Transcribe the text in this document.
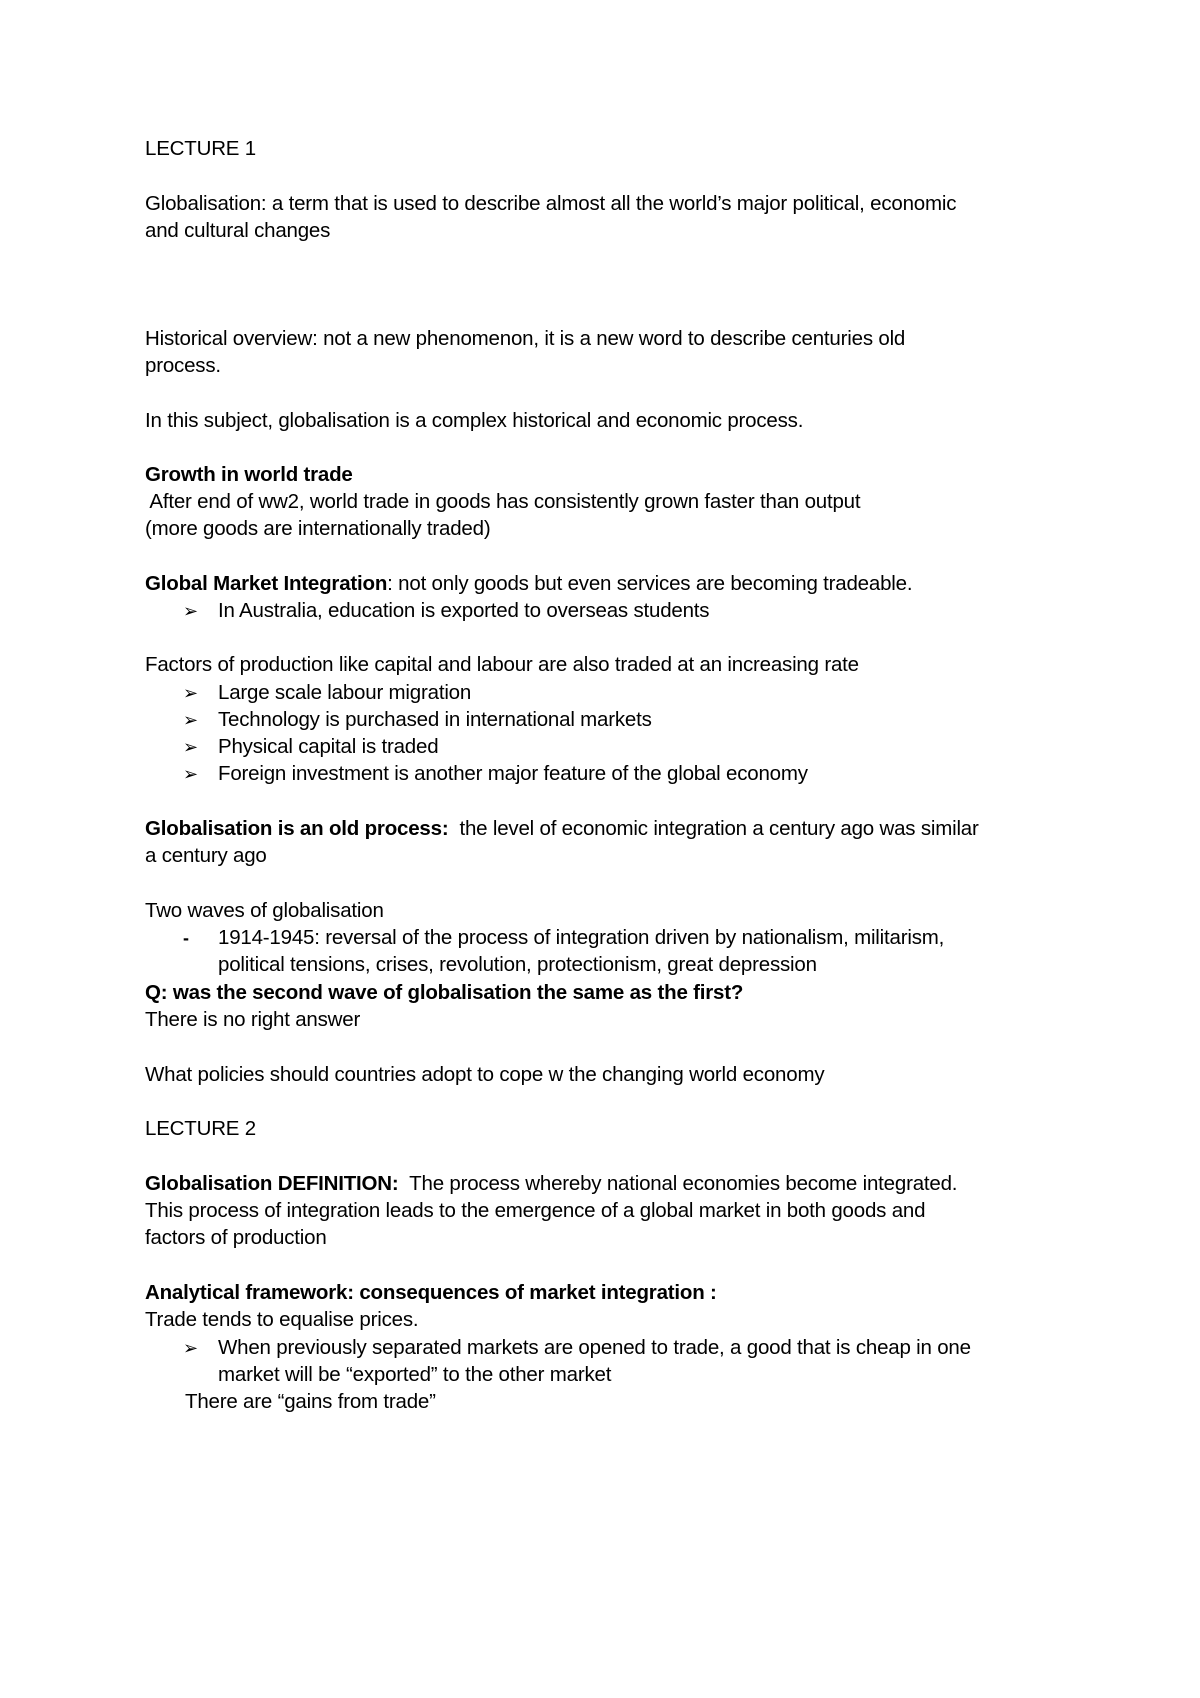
LECTURE 1
Globalisation: a term that is used to describe almost all the world’s major political, economic
and cultural changes
Historical overview: not a new phenomenon, it is a new word to describe centuries old
process.
In this subject, globalisation is a complex historical and economic process.
Growth in world trade
After end of ww2, world trade in goods has consistently grown faster than output
(more goods are internationally traded)
Global Market Integration: not only goods but even services are becoming tradeable.
➢ In Australia, education is exported to overseas students
Factors of production like capital and labour are also traded at an increasing rate
➢ Large scale labour migration
➢ Technology is purchased in international markets
➢ Physical capital is traded
➢ Foreign investment is another major feature of the global economy
Globalisation is an old process:  the level of economic integration a century ago was similar
a century ago
Two waves of globalisation
- 1914-1945: reversal of the process of integration driven by nationalism, militarism,
political tensions, crises, revolution, protectionism, great depression
Q: was the second wave of globalisation the same as the first?
There is no right answer
What policies should countries adopt to cope w the changing world economy
LECTURE 2
Globalisation DEFINITION:  The process whereby national economies become integrated.
This process of integration leads to the emergence of a global market in both goods and
factors of production
Analytical framework: consequences of market integration :
Trade tends to equalise prices.
➢ When previously separated markets are opened to trade, a good that is cheap in one
market will be “exported” to the other market
There are “gains from trade”
